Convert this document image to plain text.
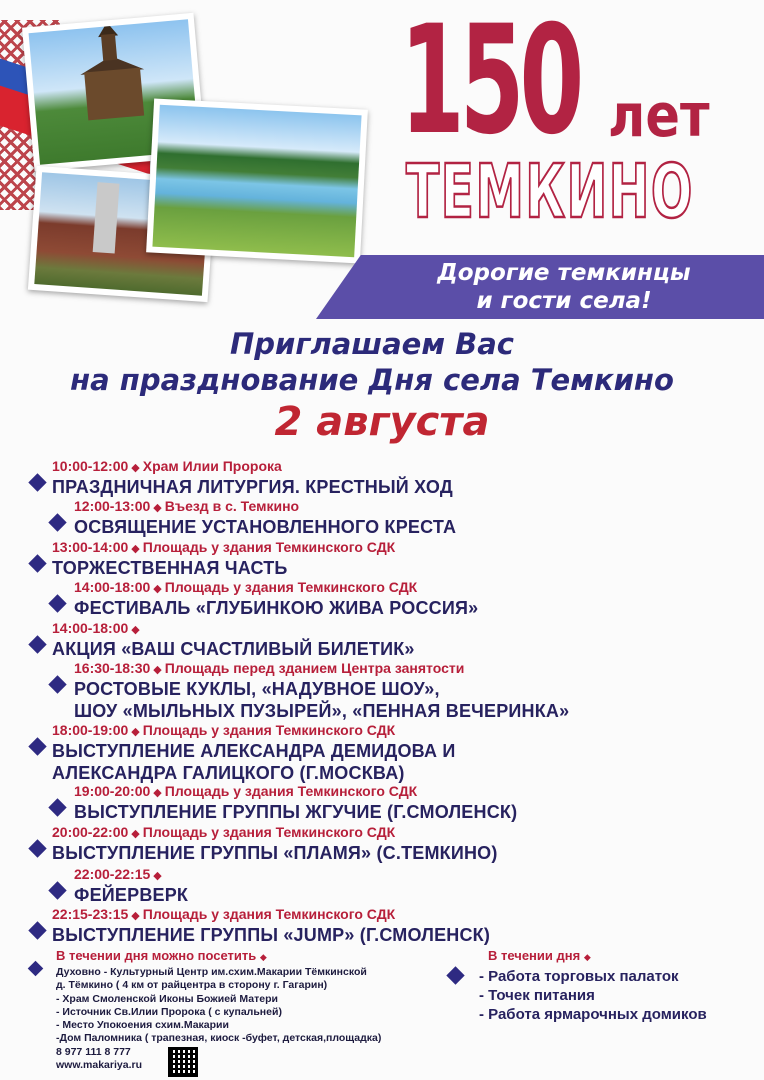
150 лет
ТЕМКИНО
Дорогие темкинцы
и гости села!
Приглашаем Вас
на празднование Дня села Темкино
2 августа
10:00-12:00 ◆ Храм Илии Пророка
ПРАЗДНИЧНАЯ ЛИТУРГИЯ. КРЕСТНЫЙ ХОД
12:00-13:00 ◆ Въезд в с. Темкино
ОСВЯЩЕНИЕ УСТАНОВЛЕННОГО КРЕСТА
13:00-14:00 ◆ Площадь у здания Темкинского СДК
ТОРЖЕСТВЕННАЯ ЧАСТЬ
14:00-18:00 ◆ Площадь у здания Темкинского СДК
ФЕСТИВАЛЬ «ГЛУБИНКОЮ ЖИВА РОССИЯ»
14:00-18:00 ◆
АКЦИЯ «ВАШ СЧАСТЛИВЫЙ БИЛЕТИК»
16:30-18:30 ◆ Площадь перед зданием Центра занятости
РОСТОВЫЕ КУКЛЫ, «НАДУВНОЕ ШОУ»,
ШОУ «МЫЛЬНЫХ ПУЗЫРЕЙ», «ПЕННАЯ ВЕЧЕРИНКА»
18:00-19:00 ◆ Площадь у здания Темкинского СДК
ВЫСТУПЛЕНИЕ АЛЕКСАНДРА ДЕМИДОВА И
АЛЕКСАНДРА ГАЛИЦКОГО (Г.МОСКВА)
19:00-20:00 ◆ Площадь у здания Темкинского СДК
ВЫСТУПЛЕНИЕ ГРУППЫ ЖГУЧИЕ (Г.СМОЛЕНСК)
20:00-22:00 ◆ Площадь у здания Темкинского СДК
ВЫСТУПЛЕНИЕ ГРУППЫ «ПЛАМЯ» (С.ТЕМКИНО)
22:00-22:15 ◆
ФЕЙЕРВЕРК
22:15-23:15 ◆ Площадь у здания Темкинского СДК
ВЫСТУПЛЕНИЕ ГРУППЫ «JUMP» (Г.СМОЛЕНСК)
В течении дня можно посетить ◆
Духовно - Культурный Центр им.схим.Макарии Тёмкинской
д. Тёмкино ( 4 км от райцентра в сторону г. Гагарин)
- Храм Смоленской Иконы Божией Матери
- Источник Св.Илии Пророка ( с купальней)
- Место Упокоения схим.Макарии
-Дом Паломника ( трапезная, киоск -буфет, детская,площадка)
8 977 111 8 777
www.makariya.ru
В течении дня ◆
- Работа торговых палаток
- Точек питания
- Работа ярмарочных домиков
